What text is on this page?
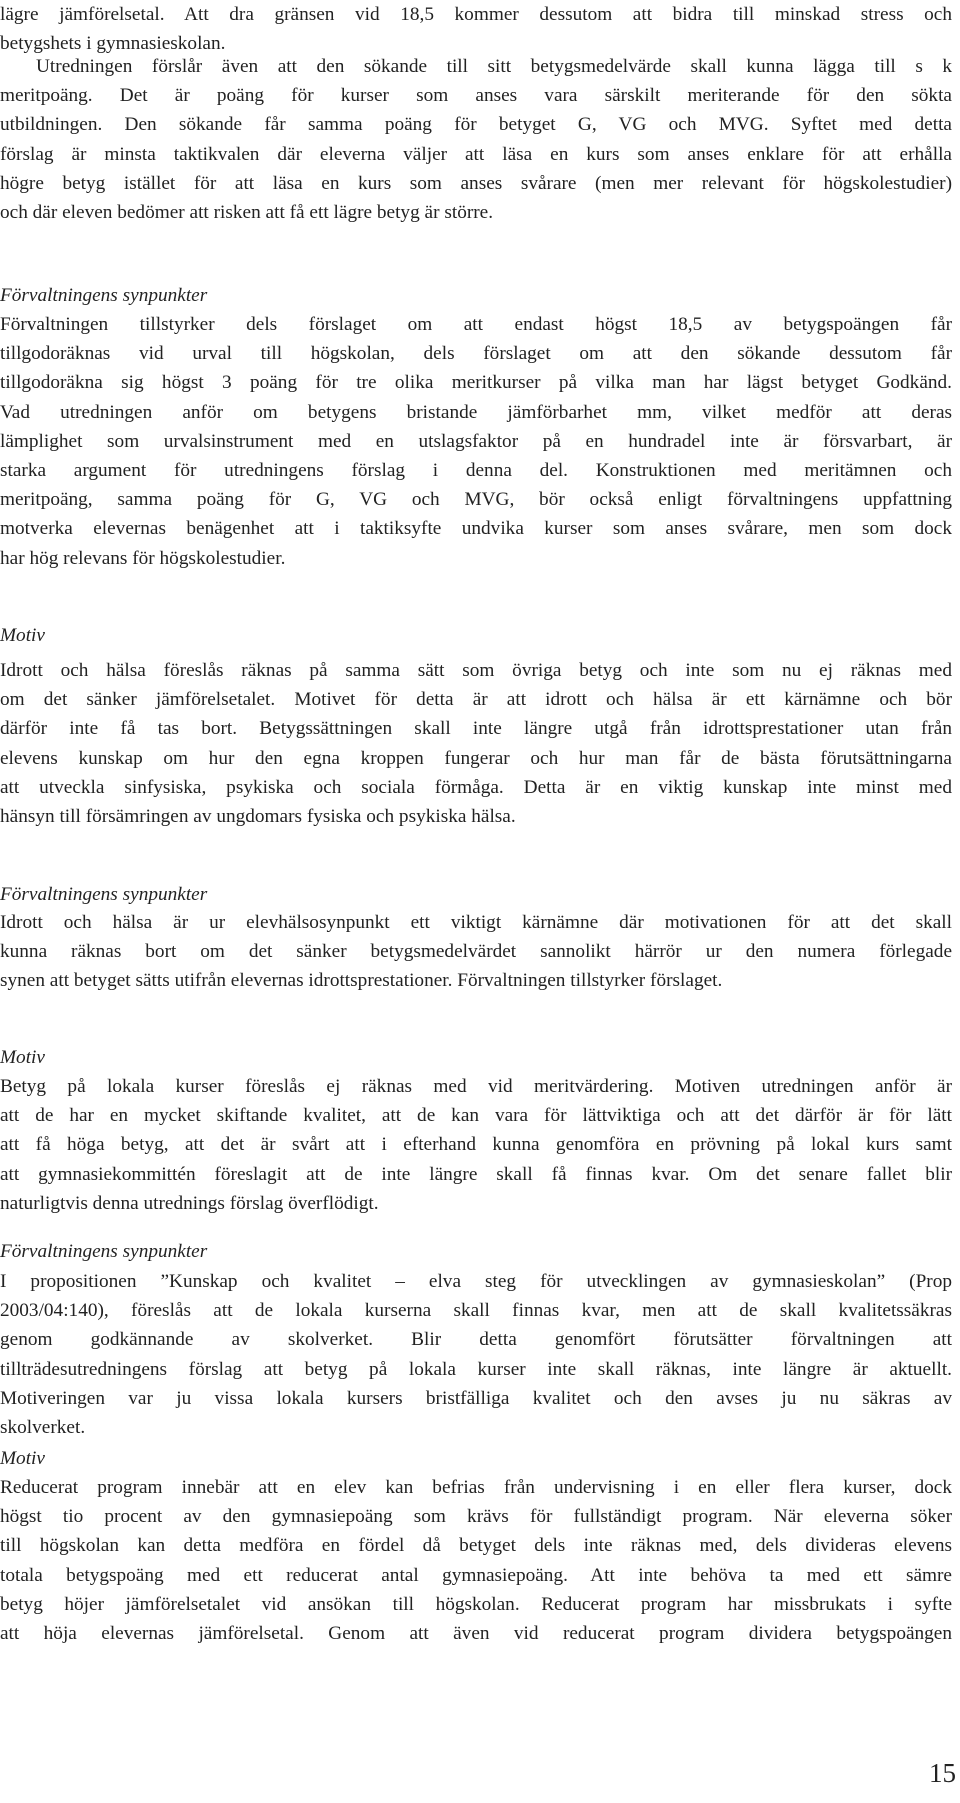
lägre jämförelsetal. Att dra gränsen vid 18,5 kommer dessutom att bidra till minskad stress och
betygshets i gymnasieskolan.
Utredningen förslår även att den sökande till sitt betygsmedelvärde skall kunna lägga till s k
meritpoäng. Det är poäng för kurser som anses vara särskilt meriterande för den sökta
utbildningen. Den sökande får samma poäng för betyget G, VG och MVG. Syftet med detta
förslag är minsta taktikvalen där eleverna väljer att läsa en kurs som anses enklare för att erhålla
högre betyg istället för att läsa en kurs som anses svårare (men mer relevant för högskolestudier)
och där eleven bedömer att risken att få ett lägre betyg är större.
Förvaltningens synpunkter
Förvaltningen tillstyrker dels förslaget om att endast högst 18,5 av betygspoängen får
tillgodoräknas vid urval till högskolan, dels förslaget om att den sökande dessutom får
tillgodoräkna sig högst 3 poäng för tre olika meritkurser på vilka man har lägst betyget Godkänd.
Vad utredningen anför om betygens bristande jämförbarhet mm, vilket medför att deras
lämplighet som urvalsinstrument med en utslagsfaktor på en hundradel inte är försvarbart, är
starka argument för utredningens förslag i denna del. Konstruktionen med meritämnen och
meritpoäng, samma poäng för G, VG och MVG, bör också enligt förvaltningens uppfattning
motverka elevernas benägenhet att i taktiksyfte undvika kurser som anses svårare, men som dock
har hög relevans för högskolestudier.
Motiv
Idrott och hälsa föreslås räknas på samma sätt som övriga betyg och inte som nu ej räknas med
om det sänker jämförelsetalet. Motivet för detta är att idrott och hälsa är ett kärnämne och bör
därför inte få tas bort. Betygssättningen skall inte längre utgå från idrottsprestationer utan från
elevens kunskap om hur den egna kroppen fungerar och hur man får de bästa förutsättningarna
att utveckla sinfysiska, psykiska och sociala förmåga. Detta är en viktig kunskap inte minst med
hänsyn till försämringen av ungdomars fysiska och psykiska hälsa.
Förvaltningens synpunkter
Idrott och hälsa är ur elevhälsosynpunkt ett viktigt kärnämne där motivationen för att det skall
kunna räknas bort om det sänker betygsmedelvärdet sannolikt härrör ur den numera förlegade
synen att betyget sätts utifrån elevernas idrottsprestationer. Förvaltningen tillstyrker förslaget.
Motiv
Betyg på lokala kurser föreslås ej räknas med vid meritvärdering. Motiven utredningen anför är
att de har en mycket skiftande kvalitet, att de kan vara för lättviktiga och att det därför är för lätt
att få höga betyg, att det är svårt att i efterhand kunna genomföra en prövning på lokal kurs samt
att gymnasiekommittén föreslagit att de inte längre skall få finnas kvar. Om det senare fallet blir
naturligtvis denna utrednings förslag överflödigt.
Förvaltningens synpunkter
I propositionen ”Kunskap och kvalitet – elva steg för utvecklingen av gymnasieskolan” (Prop
2003/04:140), föreslås att de lokala kurserna skall finnas kvar, men att de skall kvalitetssäkras
genom godkännande av skolverket. Blir detta genomfört förutsätter förvaltningen att
tillträdesutredningens förslag att betyg på lokala kurser inte skall räknas, inte längre är aktuellt.
Motiveringen var ju vissa lokala kursers bristfälliga kvalitet och den avses ju nu säkras av
skolverket.
Motiv
Reducerat program innebär att en elev kan befrias från undervisning i en eller flera kurser, dock
högst tio procent av den gymnasiepoäng som krävs för fullständigt program. När eleverna söker
till högskolan kan detta medföra en fördel då betyget dels inte räknas med, dels divideras elevens
totala betygspoäng med ett reducerat antal gymnasiepoäng. Att inte behöva ta med ett sämre
betyg höjer jämförelsetalet vid ansökan till högskolan. Reducerat program har missbrukats i syfte
att höja elevernas jämförelsetal. Genom att även vid reducerat program dividera betygspoängen
15
